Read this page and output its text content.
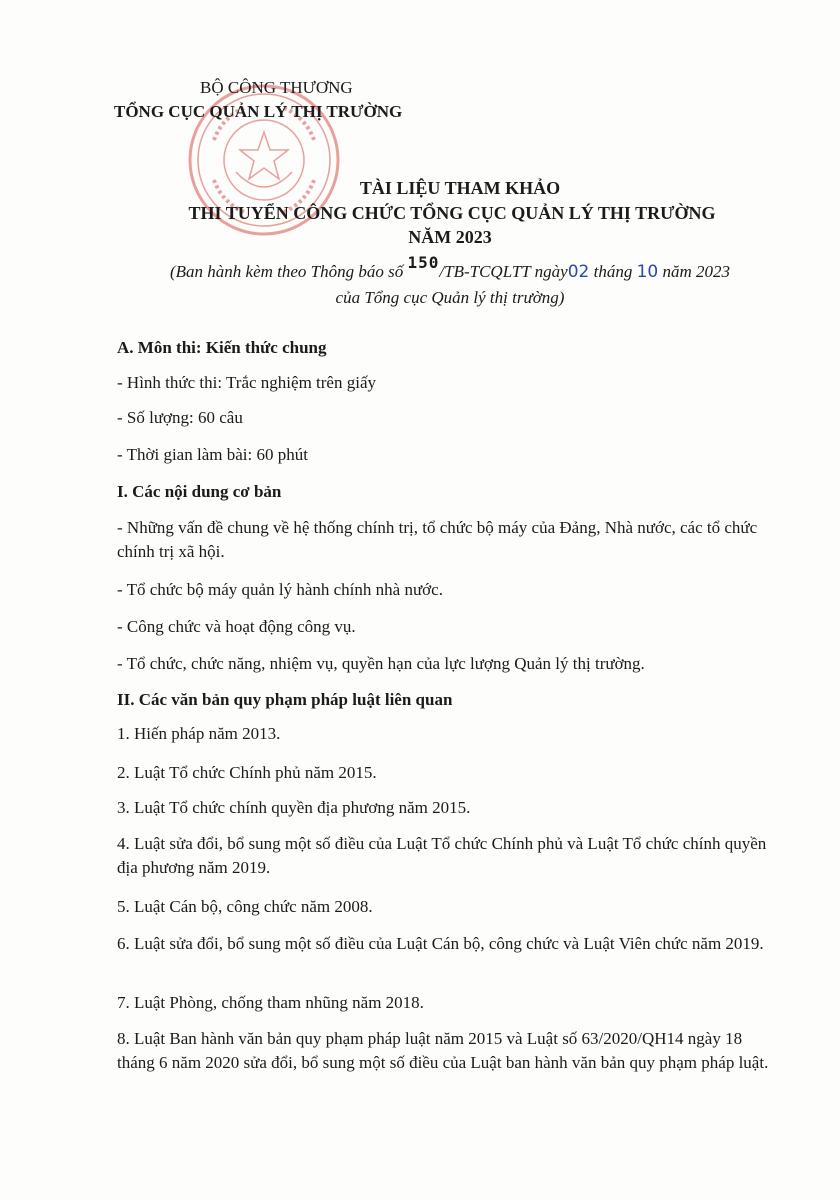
BỘ CÔNG THƯƠNG
TỔNG CỤC QUẢN LÝ THỊ TRƯỜNG
TÀI LIỆU THAM KHẢO
THI TUYỂN CÔNG CHỨC TỔNG CỤC QUẢN LÝ THỊ TRƯỜNG
NĂM 2023
(Ban hành kèm theo Thông báo số 150/TB-TCQLTT ngày02 tháng 10 năm 2023
của Tổng cục Quản lý thị trường)
A. Môn thi: Kiến thức chung
- Hình thức thi: Trắc nghiệm trên giấy
- Số lượng: 60 câu
- Thời gian làm bài: 60 phút
I. Các nội dung cơ bản
- Những vấn đề chung về hệ thống chính trị, tổ chức bộ máy của Đảng, Nhà nước, các tổ chức chính trị xã hội.
- Tổ chức bộ máy quản lý hành chính nhà nước.
- Công chức và hoạt động công vụ.
- Tổ chức, chức năng, nhiệm vụ, quyền hạn của lực lượng Quản lý thị trường.
II. Các văn bản quy phạm pháp luật liên quan
1. Hiến pháp năm 2013.
2. Luật Tổ chức Chính phủ năm 2015.
3. Luật Tổ chức chính quyền địa phương năm 2015.
4. Luật sửa đổi, bổ sung một số điều của Luật Tổ chức Chính phủ và Luật Tổ chức chính quyền địa phương năm 2019.
5. Luật Cán bộ, công chức năm 2008.
6. Luật sửa đổi, bổ sung một số điều của Luật Cán bộ, công chức và Luật Viên chức năm 2019.
7. Luật Phòng, chống tham nhũng năm 2018.
8. Luật Ban hành văn bản quy phạm pháp luật năm 2015 và Luật số 63/2020/QH14 ngày 18 tháng 6 năm 2020 sửa đổi, bổ sung một số điều của Luật ban hành văn bản quy phạm pháp luật.
